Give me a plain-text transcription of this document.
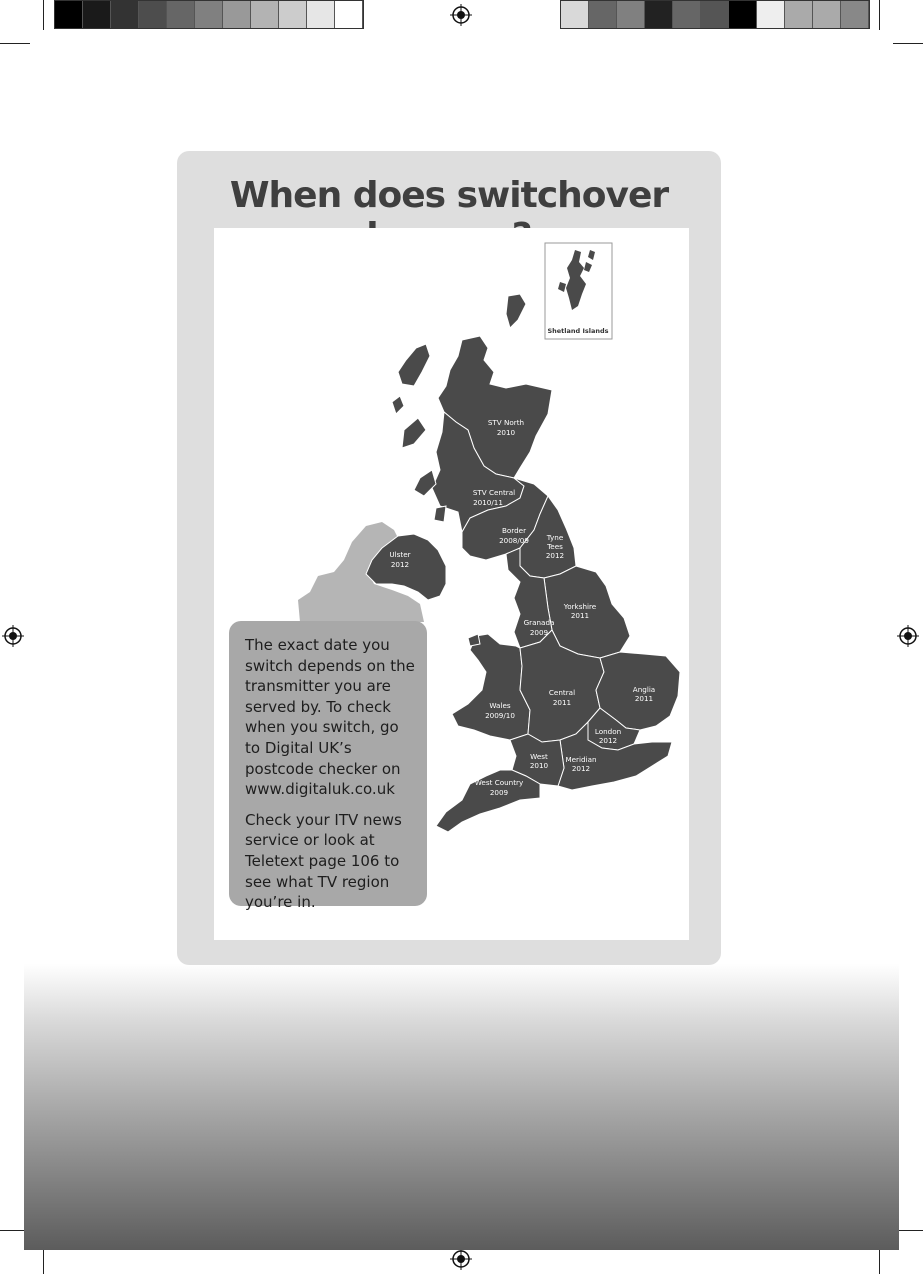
When does switchover
Shetland Islands
STV North
2010
STV Central
2010/11
Border
2008/09 Tyne
Tees
2012
Ulster
2012
Yorkshire
2011
Granada
2009
Central
2011
Anglia
2011
Wales
2009/10
London
2012
West
2010
Meridian
2012
West Country
2009

The exact date you switch depends on the transmitter you are served by. To check when you switch, go to Digital UK’s postcode checker on www.digitaluk.co.uk

Check your ITV news service or look at Teletext page 106 to see what TV region you’re in.
